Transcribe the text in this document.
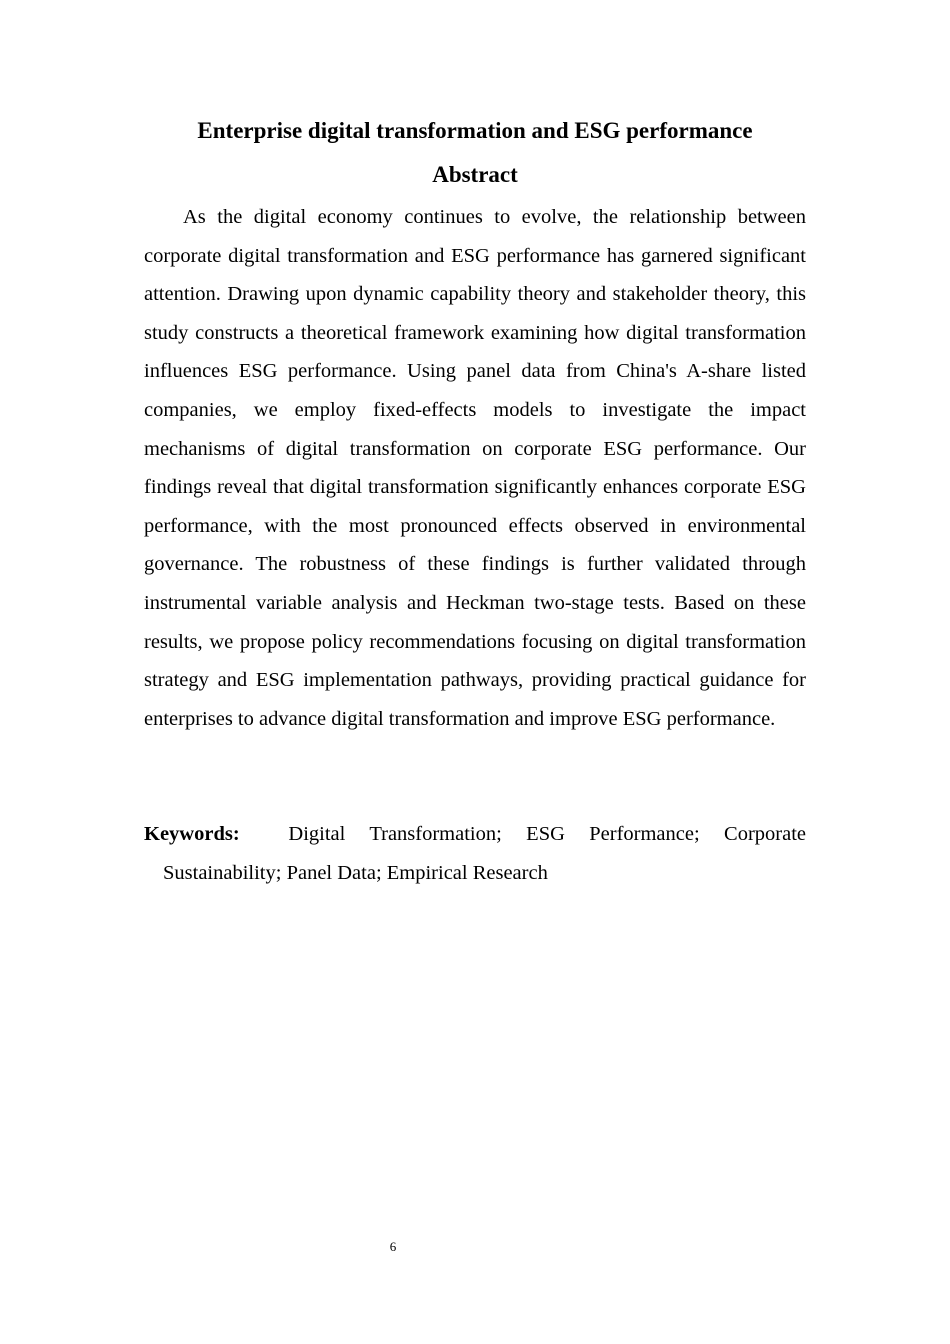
Enterprise digital transformation and ESG performance
Abstract

As the digital economy continues to evolve, the relationship between corporate digital transformation and ESG performance has garnered significant attention. Drawing upon dynamic capability theory and stakeholder theory, this study constructs a theoretical framework examining how digital transformation influences ESG performance. Using panel data from China's A-share listed companies, we employ fixed-effects models to investigate the impact mechanisms of digital transformation on corporate ESG performance. Our findings reveal that digital transformation significantly enhances corporate ESG performance, with the most pronounced effects observed in environmental governance. The robustness of these findings is further validated through instrumental variable analysis and Heckman two-stage tests. Based on these results, we propose policy recommendations focusing on digital transformation strategy and ESG implementation pathways, providing practical guidance for enterprises to advance digital transformation and improve ESG performance.

Keywords: Digital Transformation; ESG Performance; Corporate Sustainability; Panel Data; Empirical Research

6
